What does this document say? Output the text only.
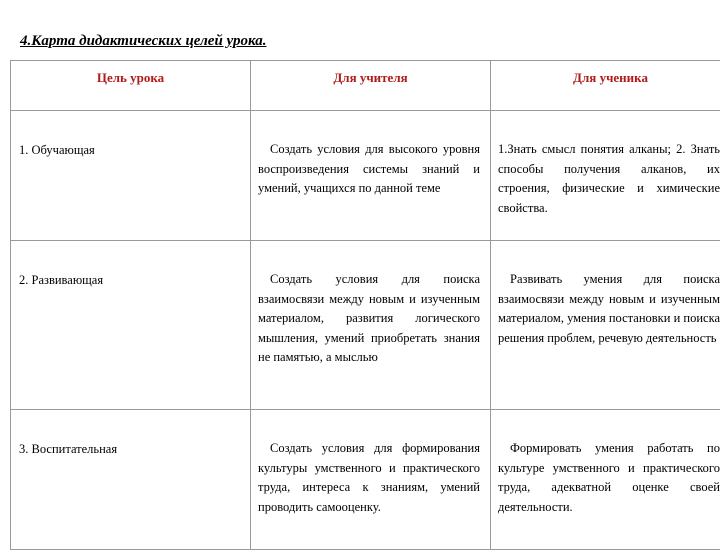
4.Карта дидактических целей урока.
Цель урока	Для учителя	Для ученика
1. Обучающая	Создать условия для высокого уровня воспроизведения системы знаний и умений, учащихся по данной теме	1.Знать смысл понятия алканы; 2. Знать способы получения алканов, их строения, физические и химические свойства.

2. Развивающая	Создать условия для поиска взаимосвязи между новым и изученным материалом, развития логического мышления, умений приобретать знания не памятью, а мыслью	Развивать умения для поиска взаимосвязи между новым и изученным материалом, умения постановки и поиска решения проблем, речевую деятельность

3. Воспитательная	Создать условия для формирования культуры умственного и практического труда, интереса к знаниям, умений проводить самооценку.	Формировать умения работать по культуре умственного и практического труда, адекватной оценке своей деятельности.
